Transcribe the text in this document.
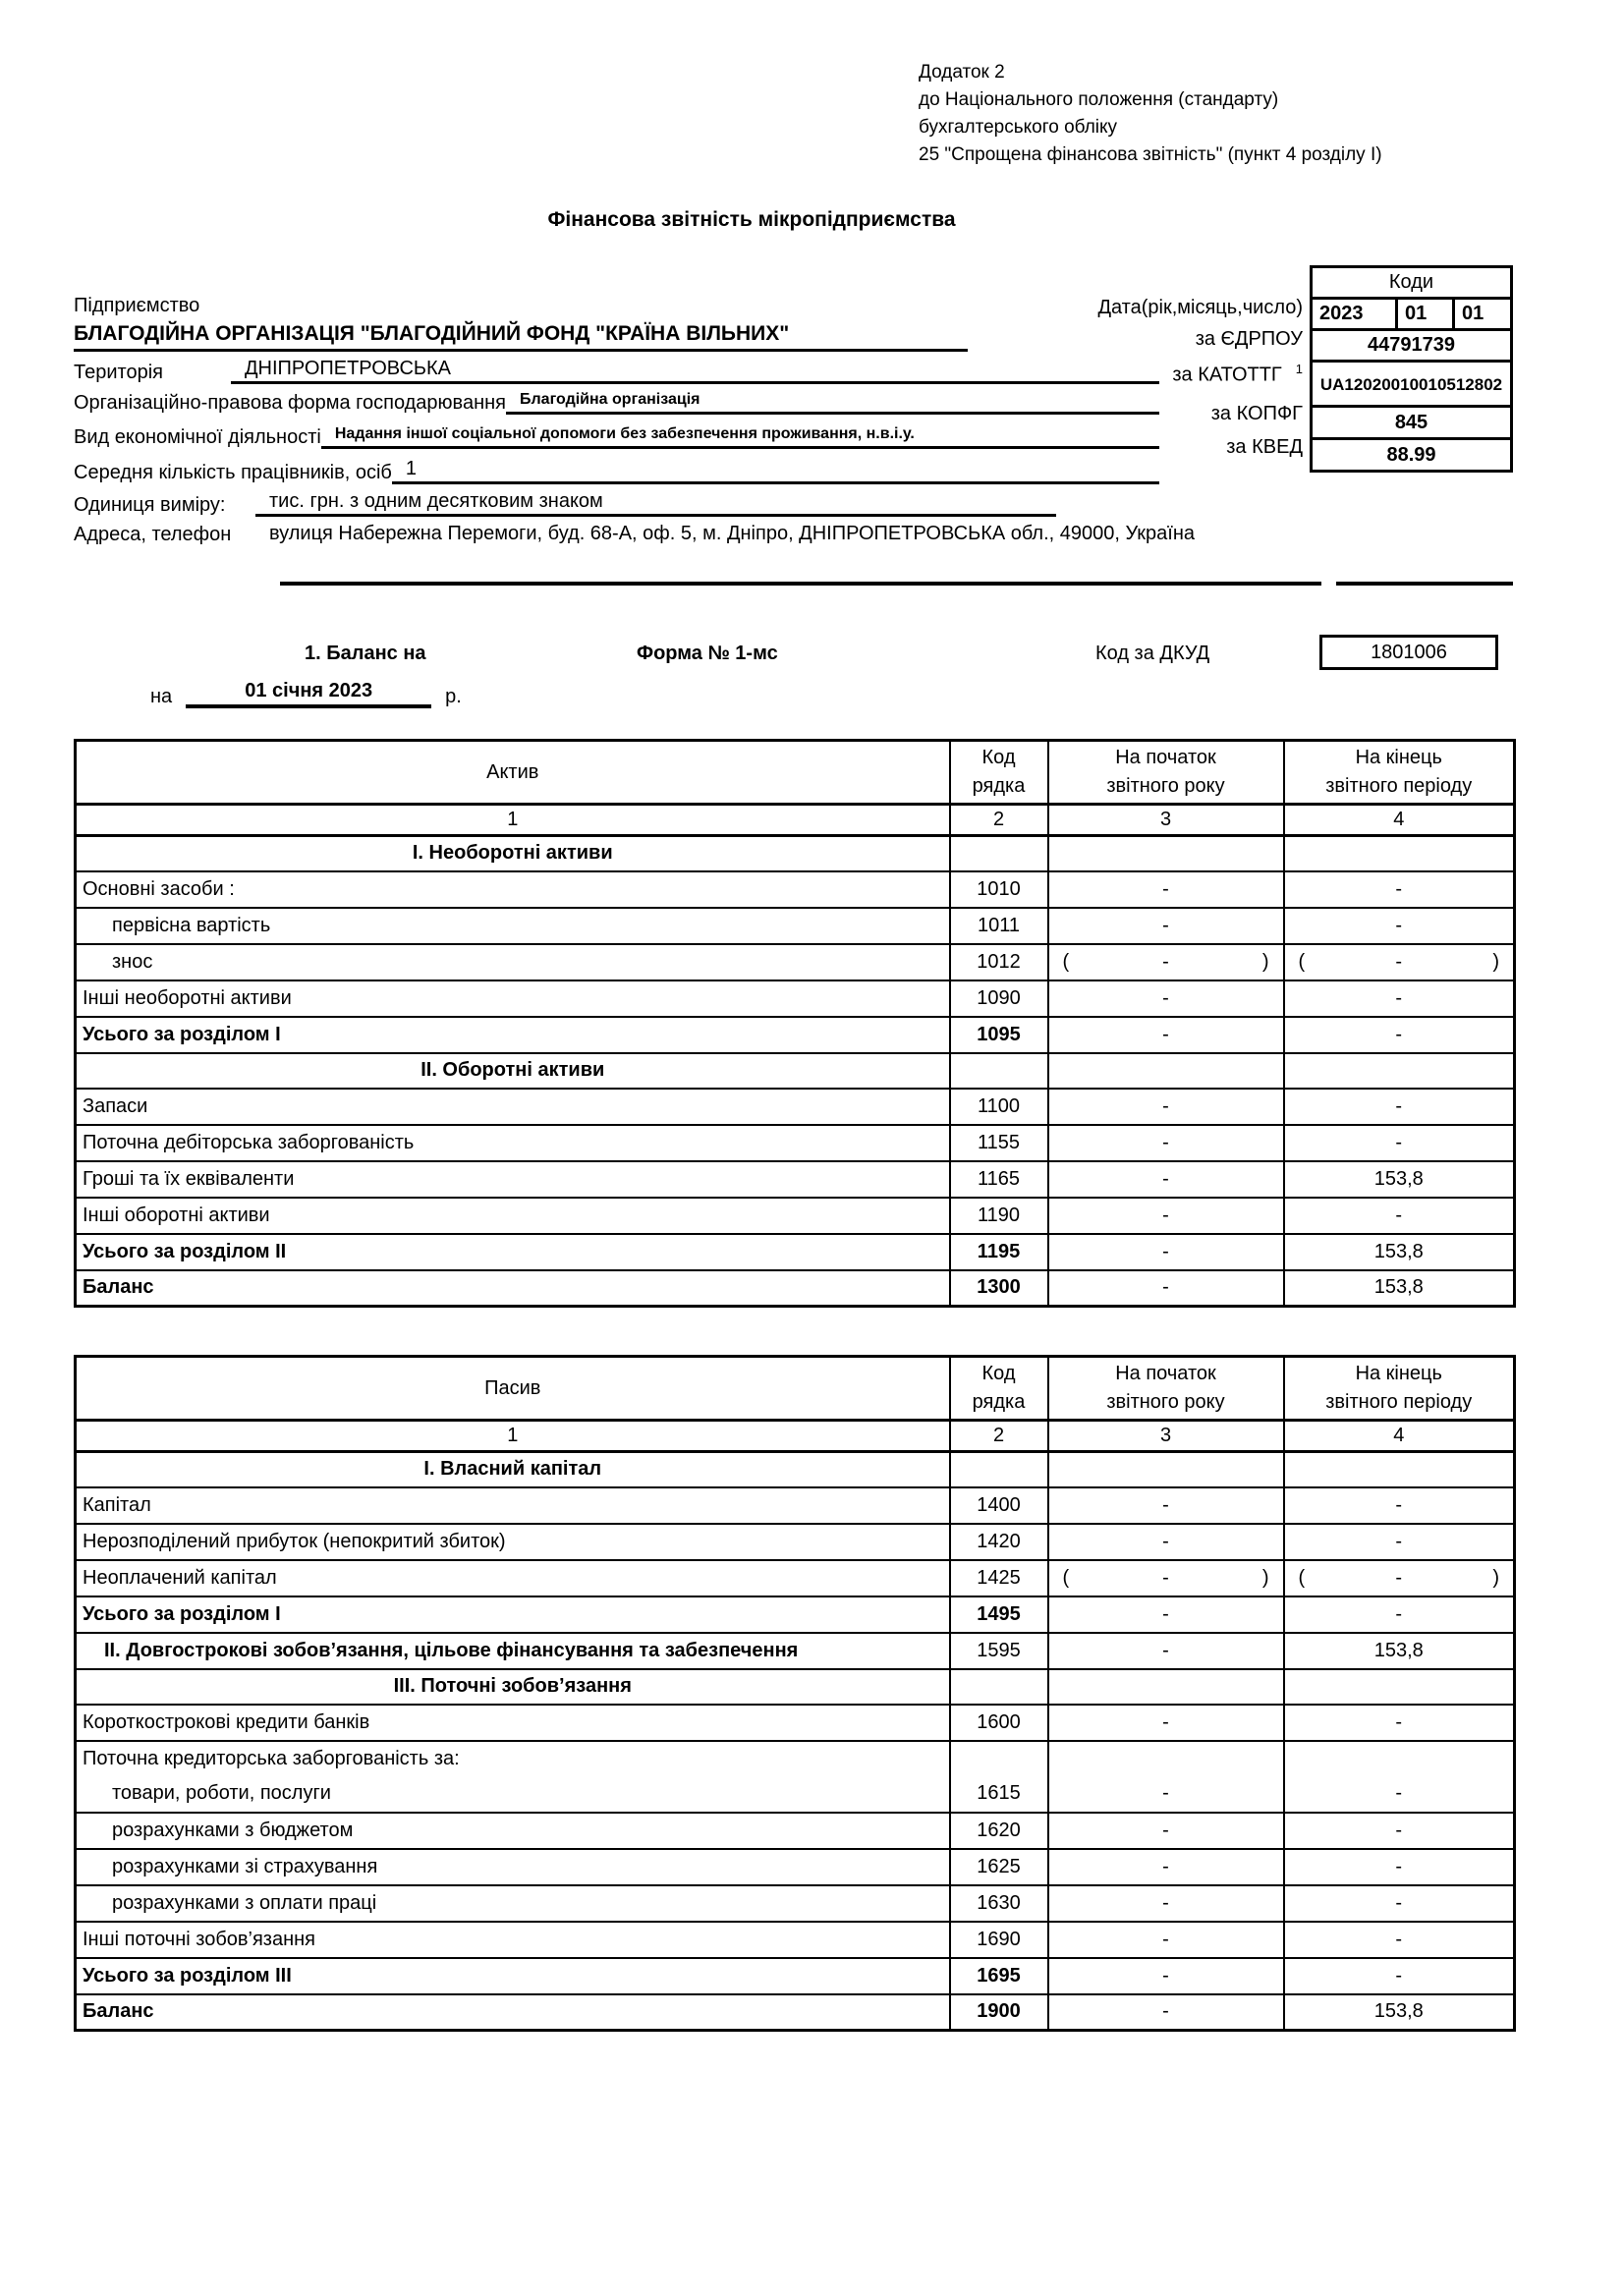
Додаток 2
до Національного положення (стандарту)
бухгалтерського обліку
25 "Спрощена фінансова звітність" (пункт 4 розділу I)
Фінансова звітність мікропідприємства
Підприємство
БЛАГОДІЙНА ОРГАНІЗАЦІЯ "БЛАГОДІЙНИЙ ФОНД "КРАЇНА ВІЛЬНИХ"
Територія	ДНІПРОПЕТРОВСЬКА
Організаційно-правова форма господарювання Благодійна організація
Вид економічної діяльності Надання іншої соціальної допомоги без забезпечення проживання, н.в.і.у.
Середня кількість працівників, осіб 1
Одиниця виміру:	тис. грн. з одним десятковим знаком
Адреса, телефон	вулиця Набережна Перемоги, буд. 68-А, оф. 5, м. Дніпро, ДНІПРОПЕТРОВСЬКА обл., 49000, Україна
Дата(рік,місяць,число)
за ЄДРПОУ
за КАТОТТГ $^1$
за КОПФГ
за КВЕД
Коди
2023	01	01
44791739
UA12020010010512802
845
88.99
1. Баланс на	Форма № 1-мс	Код за ДКУД	1801006
на	01 січня 2023	р.
Актив	
Код
рядка

На початок
звітного року

На кінець
звітного періоду

1	2	3	4
I. Необоротні активи			
Основні засоби :	1010	-	-
первісна вартість	1011	-	-
знос	1012	( - )	( - )

Інші необоротні активи	1090	-	-
Усього за розділом I	1095	-	-
II. Оборотні активи			
Запаси	1100	-	-
Поточна дебіторська заборгованість	1155	-	-
Гроші та їх еквіваленти	1165	-	153,8
Інші оборотні активи	1190	-	-
Усього за розділом II	1195	-	153,8
Баланс	1300	-	153,8
Пасив	
Код
рядка

На початок
звітного року

На кінець
звітного періоду

1	2	3	4
I. Власний капітал			
Капітал	1400	-	-
Нерозподілений прибуток (непокритий збиток)	1420	-	-
Неоплачений капітал	1425	( - )	( - )

Усього за розділом I	1495	-	-
II. Довгострокові зобов’язання, цільове фінансування та забезпечення	1595	-	153,8
III. Поточні зобов’язання			
Короткострокові кредити банків	1600	-	-
Поточна кредиторська заборгованість за:			
товари, роботи, послуги	1615	-	-
розрахунками з бюджетом	1620	-	-
розрахунками зі страхування	1625	-	-
розрахунками з оплати праці	1630	-	-
Інші поточні зобов’язання	1690	-	-
Усього за розділом III	1695	-	-
Баланс	1900	-	153,8
